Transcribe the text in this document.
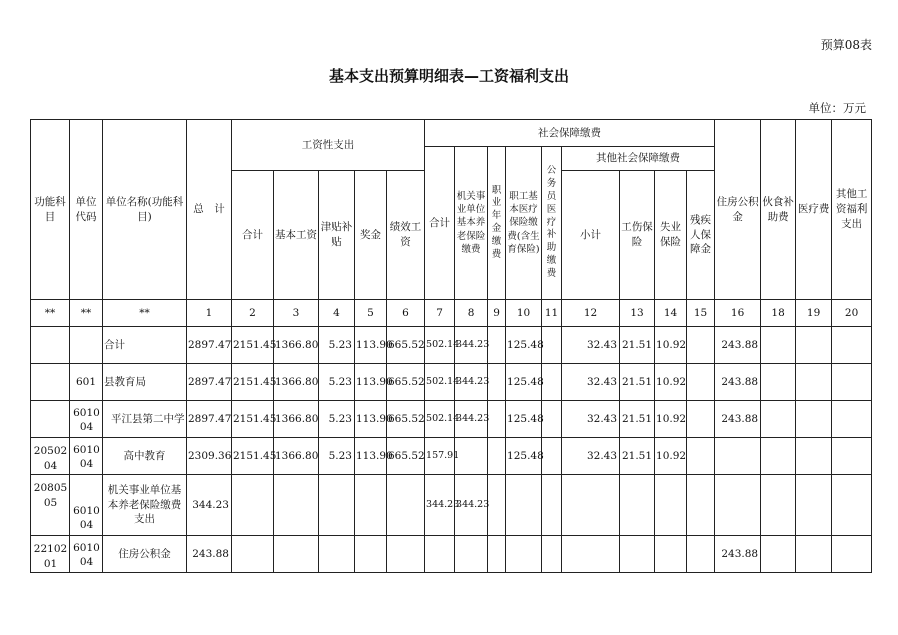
预算08表
基本支出预算明细表—工资福利支出
单位：万元
功能科目	单位代码	单位名称(功能科目)	总　计	工资性支出					社会保障缴费									住房公积金	伙食补助费	医疗费	其他工资福利支出
									合计	机关事业单位基本养老保险缴费	职业年金缴费	职工基本医疗保险缴费(含生育保险)	公务员医疗补助缴费	其他社会保障缴费							
				合计	基本工资	津贴补贴	奖金	绩效工资						小计	工伤保险	失业保险	残疾人保障金				
**	**	**	1	2	3	4	5	6	7	8	9	10	11	12	13	14	15	16	18	19	20
		合计	2897.47	2151.45	1366.80	5.23	113.90	665.52	502.14	344.23		125.48		32.43	21.51	10.92		243.88			
	601	县教育局	2897.47	2151.45	1366.80	5.23	113.90	665.52	502.14	344.23		125.48		32.43	21.51	10.92		243.88			

	601004	平江县第二中学	2897.47	2151.45	1366.80	5.23	113.90	665.52	502.14	344.23		125.48		32.43	21.51	10.92		243.88			

2050204	601004	高中教育	2309.36	2151.45	1366.80	5.23	113.90	665.52	157.91			125.48		32.43	21.51	10.92					

2080505	601004	机关事业单位基本养老保险缴费支出	344.23						344.23	344.23											

2210201	601004	住房公积金	243.88															243.88			
